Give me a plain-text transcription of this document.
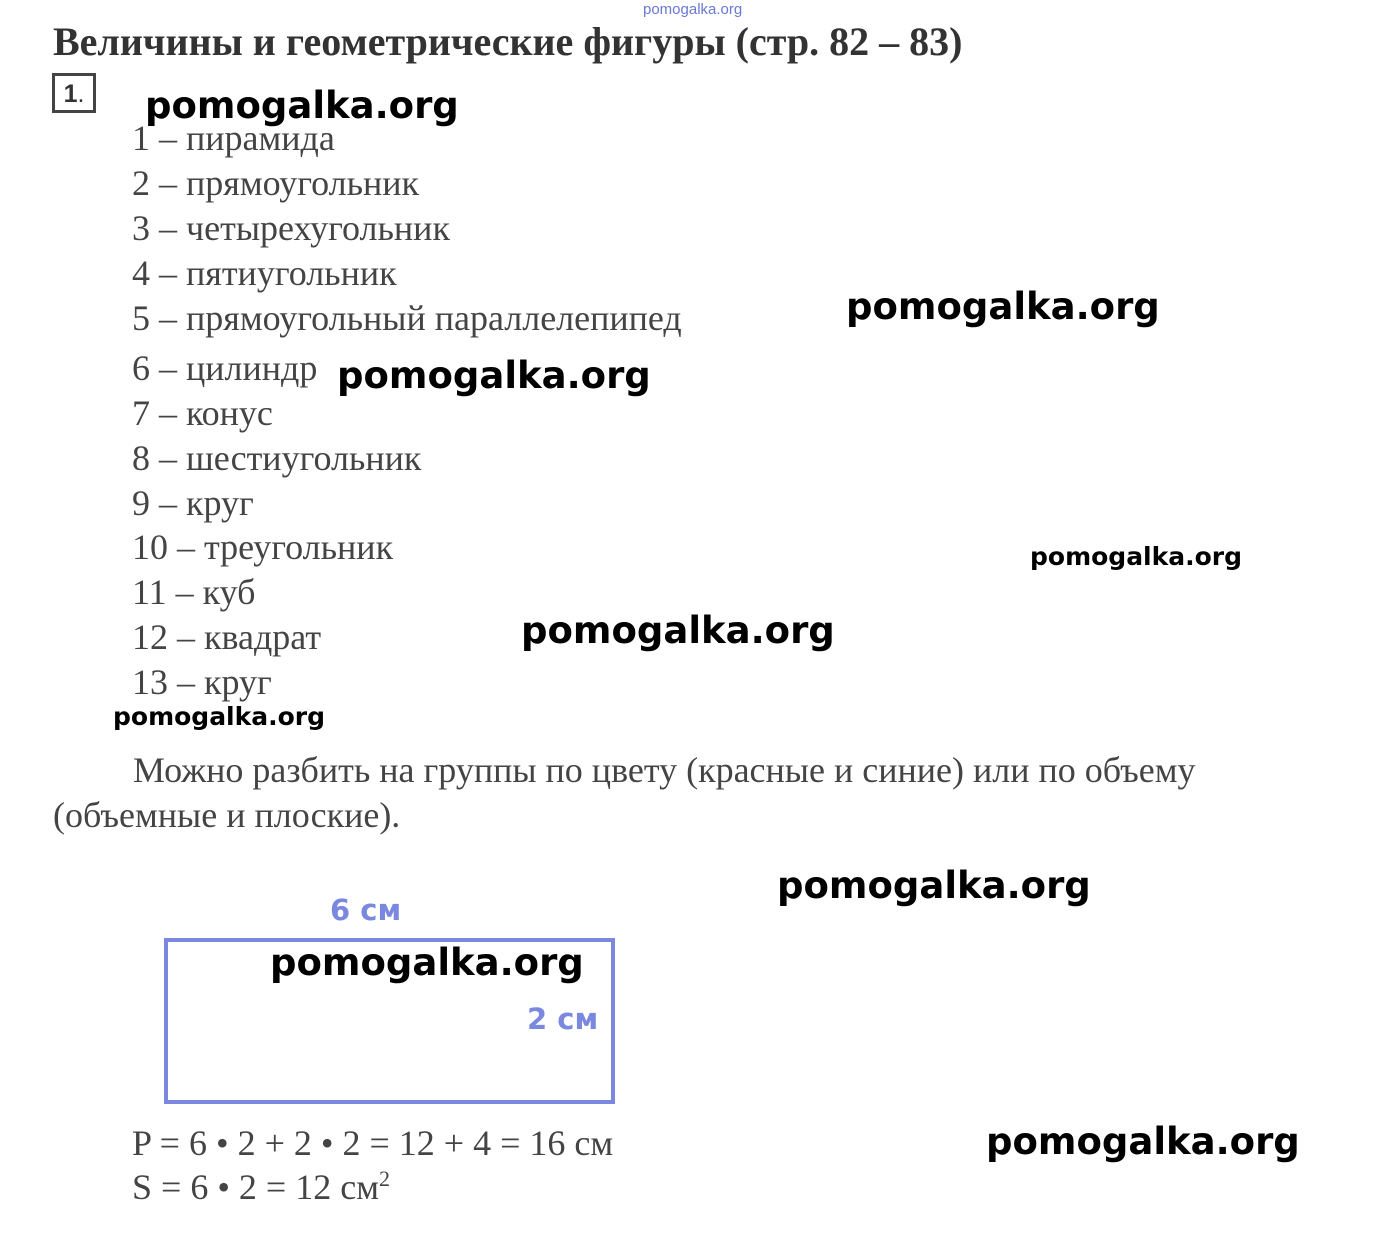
pomogalka.org
Величины и геометрические фигуры (стр. 82 – 83)
1.
1 – пирамида
2 – прямоугольник
3 – четырехугольник
4 – пятиугольник
5 – прямоугольный параллелепипед
6 – цилиндр
7 – конус
8 – шестиугольник
9 – круг
10 – треугольник
11 – куб
12 – квадрат
13 – круг
Можно разбить на группы по цвету (красные и синие) или по объему (объемные и плоские).
6 см
2 см
P = 6 • 2 + 2 • 2 = 12 + 4 = 16 см
S = 6 • 2 = 12 $см^2$
pomogalka.org
pomogalka.org
pomogalka.org
pomogalka.org
pomogalka.org
pomogalka.org
pomogalka.org
pomogalka.org
pomogalka.org
